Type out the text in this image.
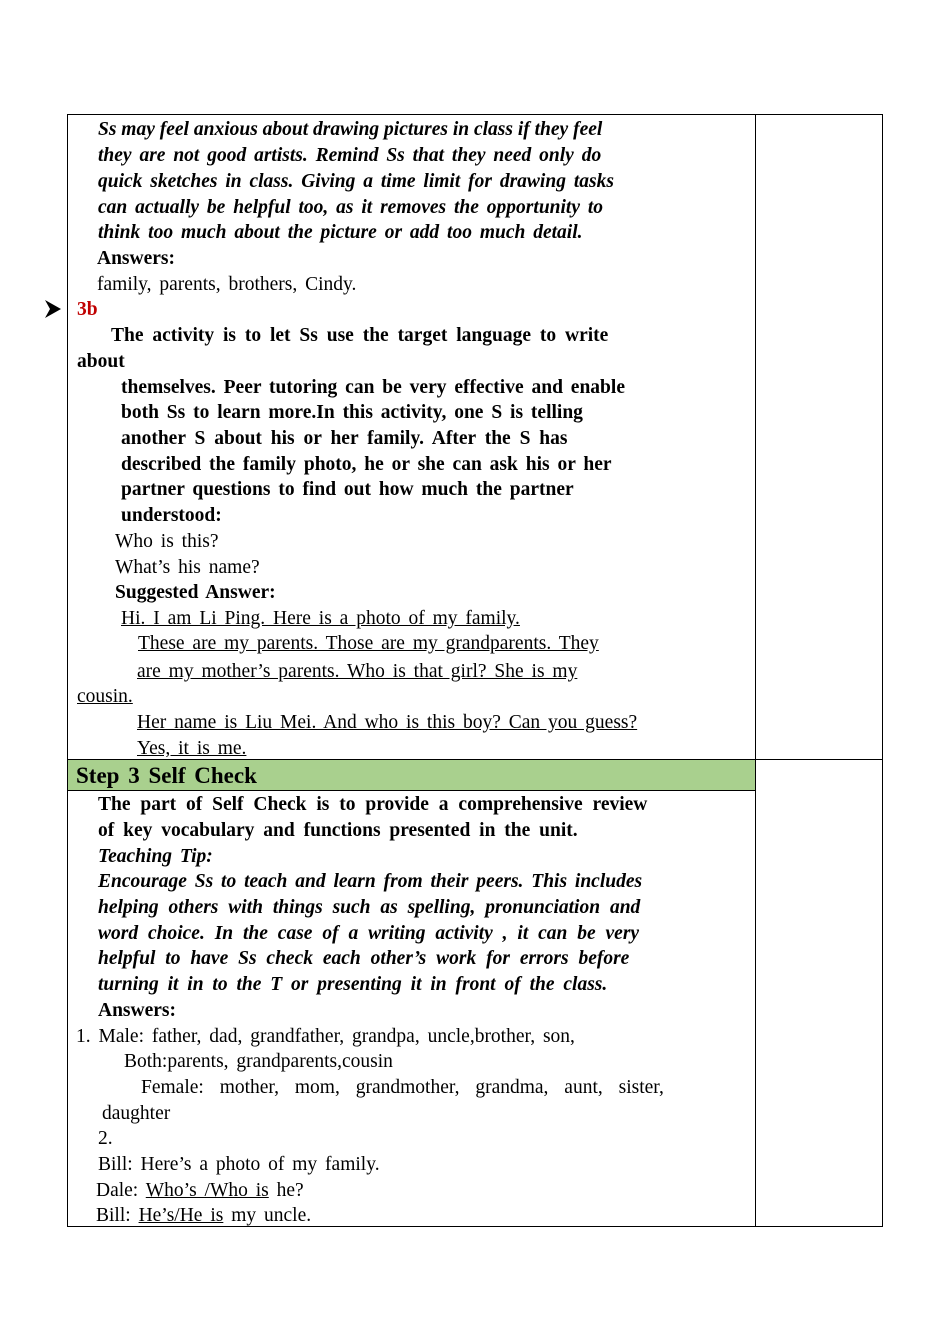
Ss may feel anxious about drawing pictures in class if they feel
they are not good artists. Remind Ss that they need only do
quick sketches in class. Giving a time limit for drawing tasks
can actually be helpful too, as it removes the opportunity to
think too much about the picture or add too much detail.
Answers:
family, parents, brothers, Cindy.
3b
The activity is to let Ss use the target language to write
about
themselves. Peer tutoring can be very effective and enable
both Ss to learn more.In this activity, one S is telling
another S about his or her family. After the S has
described the family photo, he or she can ask his or her
partner questions to find out how much the partner
understood:
Who is this?
What’s his name?
Suggested Answer:
Hi. I am Li Ping. Here is a photo of my family.
These are my parents. Those are my grandparents. They
are my mother’s parents. Who is that girl? She is my
cousin.
Her name is Liu Mei. And who is this boy? Can you guess?
Yes, it is me.
Step 3 Self Check
The part of Self Check is to provide a comprehensive review
of key vocabulary and functions presented in the unit.
Teaching Tip:
Encourage Ss to teach and learn from their peers. This includes
helping others with things such as spelling, pronunciation and
word choice. In the case of a writing activity , it can be very
helpful to have Ss check each other’s work for errors before
turning it in to the T or presenting it in front of the class.
Answers:
1. Male: father, dad, grandfather, grandpa, uncle,brother, son,
Both:parents, grandparents,cousin
Female: mother, mom, grandmother, grandma, aunt, sister,
daughter
2.
Bill: Here’s a photo of my family.
Dale: Who’s /Who is he?
Bill: He’s/He is my uncle.
